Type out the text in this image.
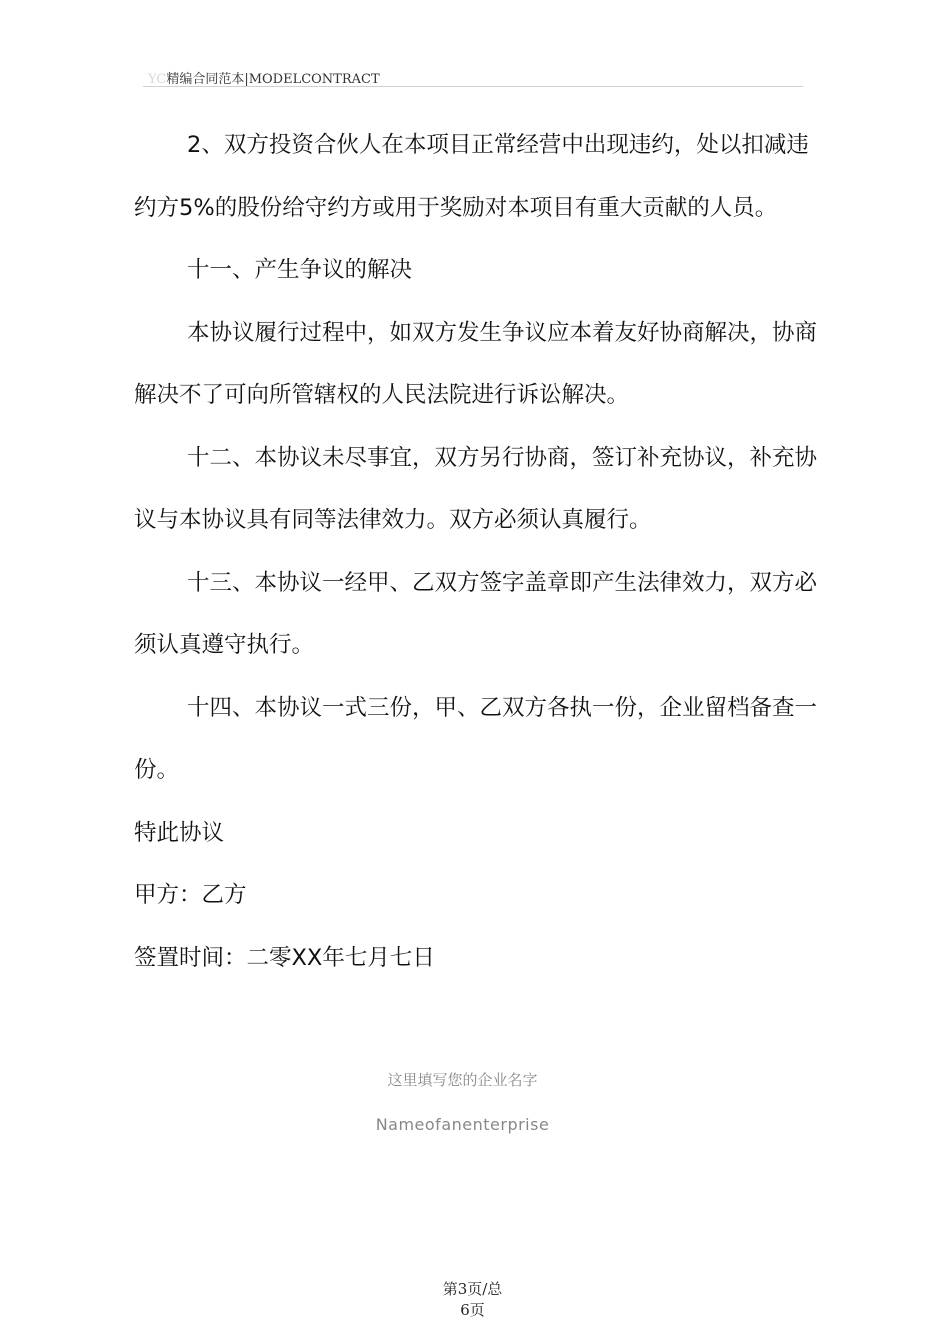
YC精编合同范本|MODELCONTRACT

2、双方投资合伙人在本项目正常经营中出现违约，处以扣减违约方5%的股份给守约方或用于奖励对本项目有重大贡献的人员。

十一、产生争议的解决

本协议履行过程中，如双方发生争议应本着友好协商解决，协商解决不了可向所管辖权的人民法院进行诉讼解决。

十二、本协议未尽事宜，双方另行协商，签订补充协议，补充协议与本协议具有同等法律效力。双方必须认真履行。

十三、本协议一经甲、乙双方签字盖章即产生法律效力，双方必须认真遵守执行。

十四、本协议一式三份，甲、乙双方各执一份，企业留档备查一份。

特此协议

甲方：乙方

签置时间：二零XX年七月七日

这里填写您的企业名字
Nameofanenterprise
第3页/总
6页
